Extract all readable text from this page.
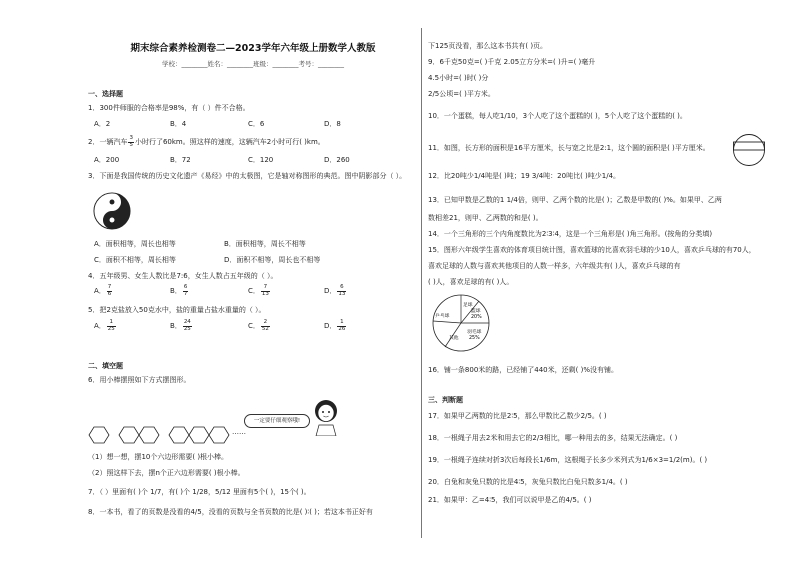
期末综合素养检测卷二—2023学年六年级上册数学人教版
学校：________姓名：________班级：________考号：________
一、选择题
1．300件师服的合格率是98%，有（ ）件不合格。
A．2	B．4	C．6	D．8
2．一辆汽车 $\frac{3}{5}$ 小时行了60km。照这样的速度，这辆汽车2小时可行( )km。
A．200	B．72	C．120	D．260
3．下面是我国传统的历史文化遗产《易经》中的太极图，它是轴对称图形的典范。图中阴影部分（ ）。
A．面积相等，周长也相等	B．面积相等，周长不相等
C．面积不相等，周长相等	D．面积不相等，周长也不相等
4．五年级男、女生人数比是7:6，女生人数占五年级的（ ）。
A． $\frac{7}{6}$	B． $\frac{6}{7}$	C． $\frac{7}{13}$	D． $\frac{6}{13}$
5．把2克盐放入50克水中，盐的重量占盐水重量的（ ）。
A． $\frac{1}{25}$	B． $\frac{24}{25}$	C． $\frac{2}{52}$	D． $\frac{1}{26}$
二、填空题
6．用小棒摆照如下方式摆图形。
……
一定要仔细观察哦!
（1）想一想，摆10个六边形需要( )根小棒。
（2）照这样下去，摆n个正六边形需要( )根小棒。
7．（ ）里面有( )个 1/7，有( )个 1/28，5/12 里面有5个( )，15个( )。
8．一本书，看了的页数是没看的4/5，没看的页数与全书页数的比是( )∶( )；若这本书正好有
下125页没看，那么这本书共有( )页。
9．6千克50克=( )千克 2.05立方分米=( )升=( )毫升
4.5小时=( )时( )分
2/5公顷=( )平方米。
10．一个蛋糕，每人吃1/10，3个人吃了这个蛋糕的( )，5个人吃了这个蛋糕的( )。
11．如图，长方形的面积是16平方厘米，长与宽之比是2:1，这个圆的面积是( )平方厘米。
12．比20吨少1/4吨是( )吨；19 3/4吨：20吨比( )吨少1/4。
13．已知甲数是乙数的1 1/4倍，则甲、乙两个数的比是( )；乙数是甲数的( )%。如果甲、乙两
数相差21，则甲、乙两数的和是( )。
14．一个三角形的三个内角度数比为2∶3∶4，这是一个三角形是( )角三角形。(按角的分类填)
15．图形六年级学生喜欢的体育项目统计图，喜欢篮球的比喜欢羽毛球的少10人，喜欢乒乓球的有70人，
喜欢足球的人数与喜欢其他项目的人数一样多，六年级共有( )人，喜欢乒乓球的有
( )人，喜欢足球的有( )人。
足球
篮球
20%
乒乓球
羽毛球
25%
其他
16．铺一条800米的路，已经铺了440米，还剩( )%没有铺。
三、判断题
17．如果甲乙两数的比是2∶5，那么甲数比乙数少2/5。( )
18．一根绳子用去2米和用去它的2/3相比，哪一种用去的多，结果无法确定。( )
19．一根绳子连续对折3次后每段长1/6m，这根绳子长多少米列式为1/6×3=1/2(m)。( )
20．白兔和灰兔只数的比是4∶5，灰兔只数比白兔只数多1/4。( )
21．如果甲：乙=4∶5，我们可以说甲是乙的4/5。( )
